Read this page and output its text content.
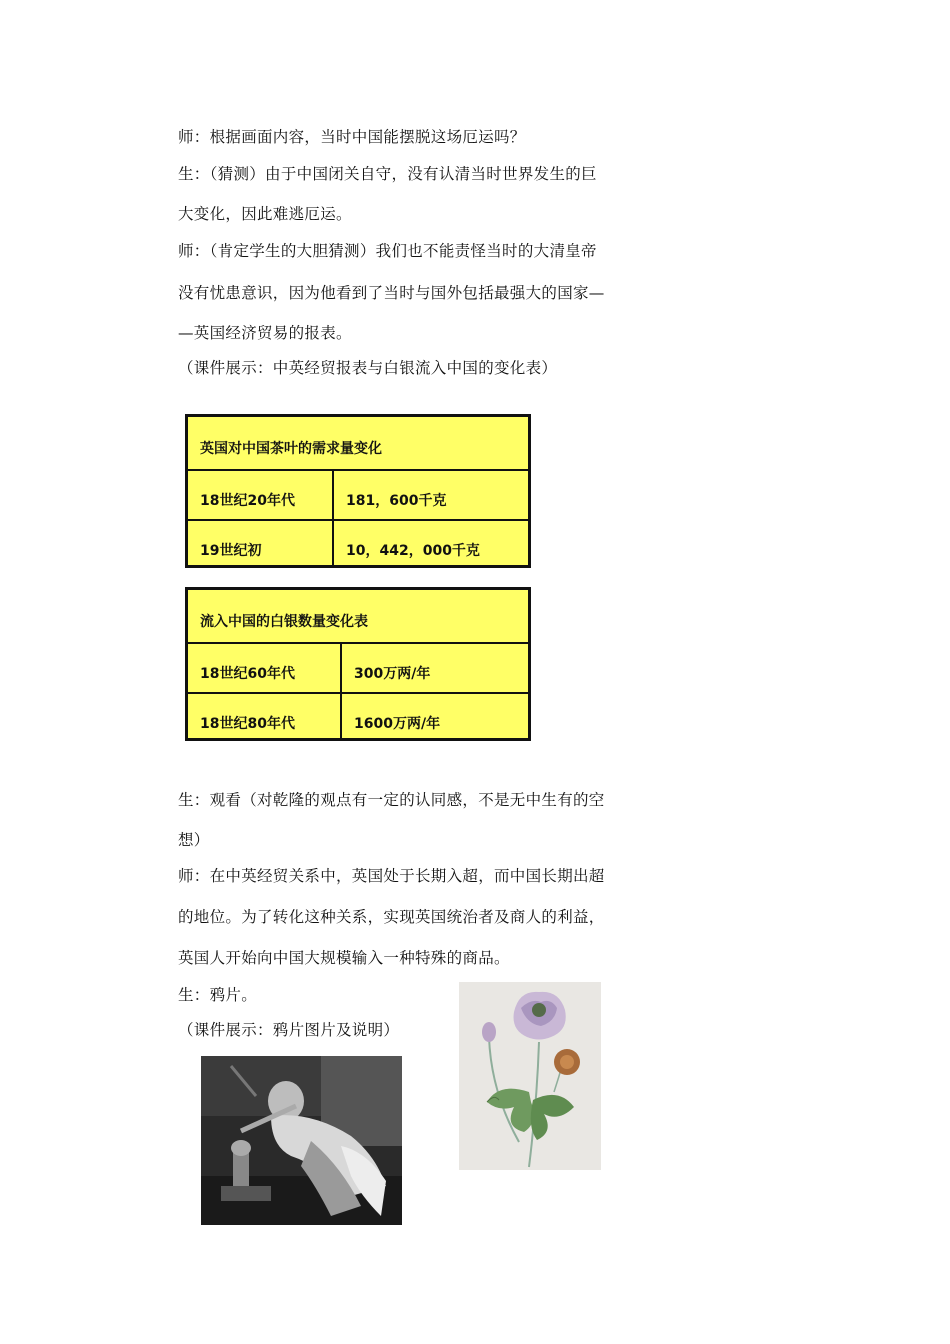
师：根据画面内容，当时中国能摆脱这场厄运吗？
生：（猜测）由于中国闭关自守，没有认清当时世界发生的巨
大变化，因此难逃厄运。
师：（肯定学生的大胆猜测）我们也不能责怪当时的大清皇帝
没有忧患意识，因为他看到了当时与国外包括最强大的国家—
—英国经济贸易的报表。
（课件展示：中英经贸报表与白银流入中国的变化表）
英国对中国茶叶的需求量变化
18世纪20年代	181，600千克
19世纪初	10，442，000千克
流入中国的白银数量变化表
18世纪60年代	300万两/年
18世纪80年代	1600万两/年
生：观看（对乾隆的观点有一定的认同感，不是无中生有的空
想）
师：在中英经贸关系中，英国处于长期入超，而中国长期出超
的地位。为了转化这种关系，实现英国统治者及商人的利益，
英国人开始向中国大规模输入一种特殊的商品。
生：鸦片。
（课件展示：鸦片图片及说明）
